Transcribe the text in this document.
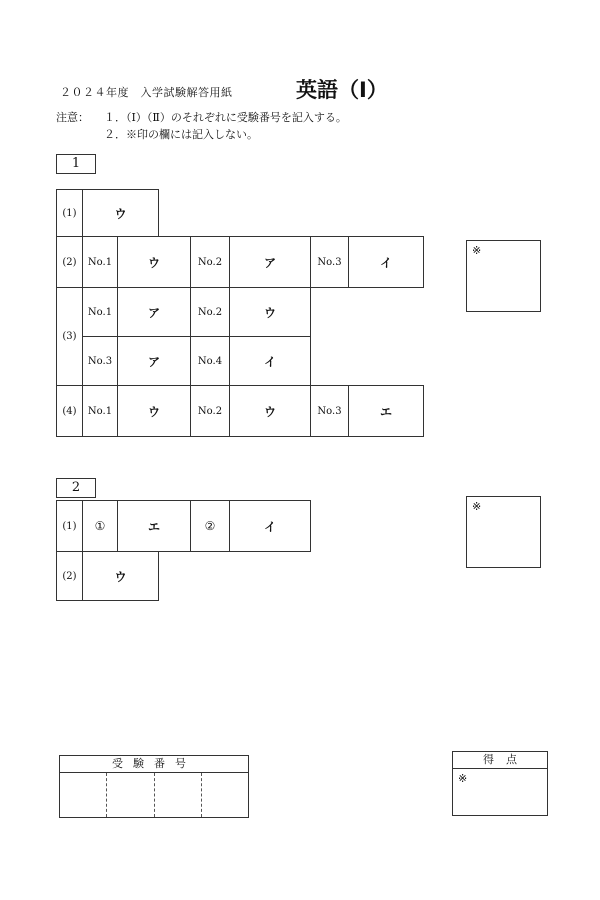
２０２４年度　入学試験解答用紙	英語（Ⅰ）
注意： １．（Ⅰ）（Ⅱ）のそれぞれに受験番号を記入する。
２．※印の欄には記入しない。
1
(1)	ウ
(2)	No.1	ウ	No.2	ア	No.3	イ
(3)
No.1	ア	No.2	ウ
No.3	ア	No.4	イ
(4)	No.1	ウ	No.2	ウ	No.3	エ
※
2
(1)	①	エ	②	イ
(2)	ウ
※
受験番号	得点
※
